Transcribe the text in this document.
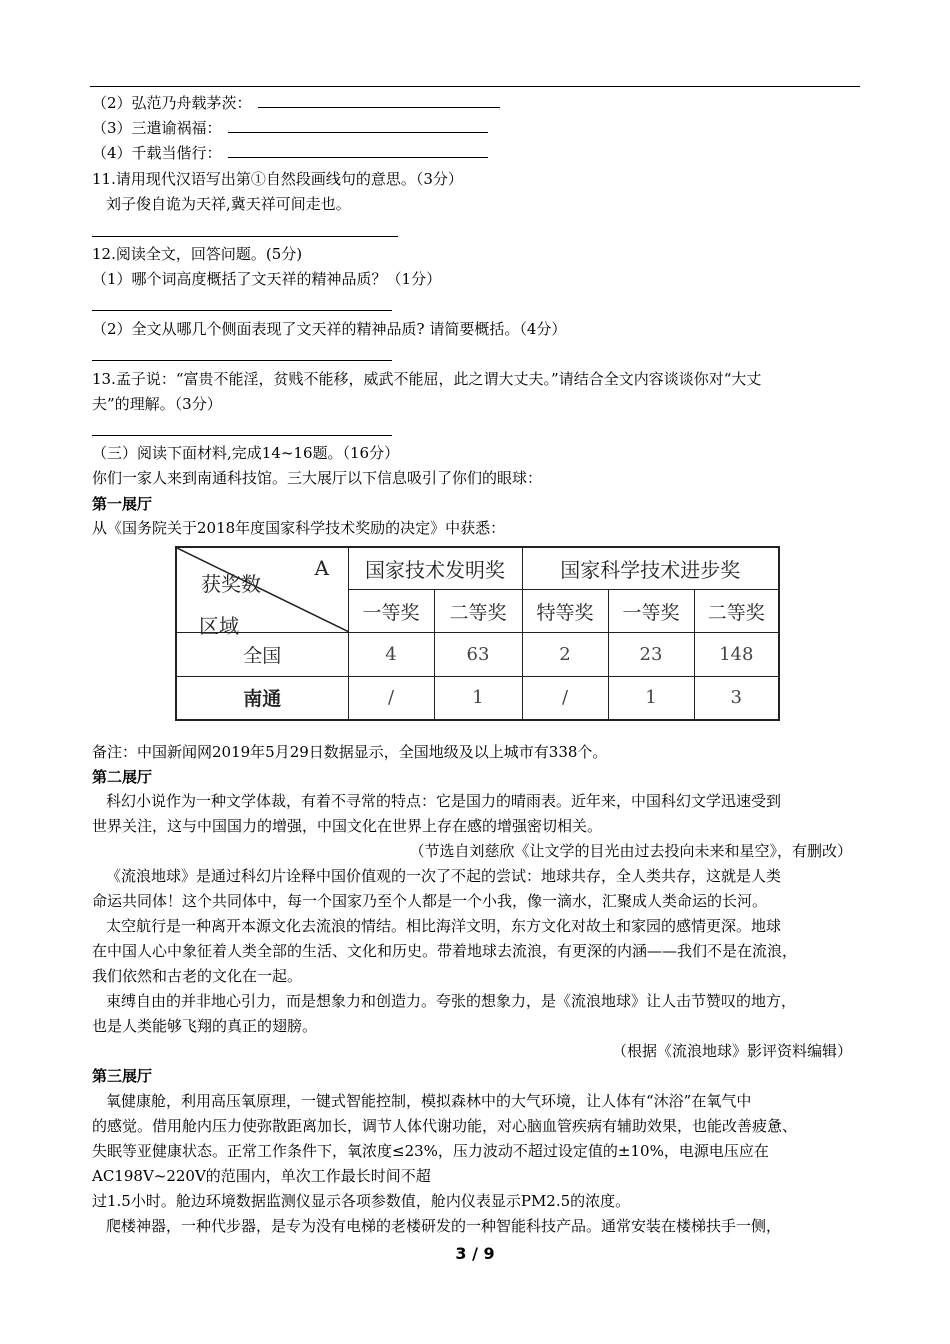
（2）弘范乃舟载茅茨：
（3）三遣谕祸福：
（4）千载当偕行：
11.请用现代汉语写出第①自然段画线句的意思。（3分）
刘子俊自诡为天祥,冀天祥可间走也。
12.阅读全文，回答问题。(5分)
（1）哪个词高度概括了文天祥的精神品质？（1分）
（2）全文从哪几个侧面表现了文天祥的精神品质? 请简要概括。（4分）
13.孟子说：“富贵不能淫，贫贱不能移，威武不能屈，此之谓大丈夫。”请结合全文内容谈谈你对“大丈
夫”的理解。（3分）
（三）阅读下面材料,完成14~16题。（16分）
你们一家人来到南通科技馆。三大展厅以下信息吸引了你们的眼球：
第一展厅
从《国务院关于2018年度国家科学技术奖励的决定》中获悉：
A
获奖数
区域	国家技术发明奖		国家科学技术进步奖		
	一等奖	二等奖	特等奖	一等奖	二等奖
全国	4	63	2	23	148
南通	/	1	/	1	3
备注：中国新闻网2019年5月29日数据显示，全国地级及以上城市有338个。
第二展厅
科幻小说作为一种文学体裁，有着不寻常的特点：它是国力的晴雨表。近年来，中国科幻文学迅速受到
世界关注，这与中国国力的增强，中国文化在世界上存在感的增强密切相关。
（节选自刘慈欣《让文学的目光由过去投向未来和星空》，有删改）
《流浪地球》是通过科幻片诠释中国价值观的一次了不起的尝试：地球共存，全人类共存，这就是人类
命运共同体！这个共同体中，每一个国家乃至个人都是一个小我，像一滴水，汇聚成人类命运的长河。
太空航行是一种离开本源文化去流浪的情结。相比海洋文明，东方文化对故土和家园的感情更深。地球
在中国人心中象征着人类全部的生活、文化和历史。带着地球去流浪，有更深的内涵——我们不是在流浪，
我们依然和古老的文化在一起。
束缚自由的并非地心引力，而是想象力和创造力。夸张的想象力，是《流浪地球》让人击节赞叹的地方，
也是人类能够飞翔的真正的翅膀。
（根据《流浪地球》影评资料编辑）
第三展厅
氧健康舱，利用高压氧原理，一键式智能控制，模拟森林中的大气环境，让人体有“沐浴”在氧气中
的感觉。借用舱内压力使弥散距离加长，调节人体代谢功能，对心脑血管疾病有辅助效果，也能改善疲惫、
失眠等亚健康状态。正常工作条件下，氧浓度≤23%，压力波动不超过设定值的±10%，电源电压应在
AC198V~220V的范围内，单次工作最长时间不超
过1.5小时。舱边环境数据监测仪显示各项参数值，舱内仪表显示PM2.5的浓度。
爬楼神器，一种代步器，是专为没有电梯的老楼研发的一种智能科技产品。通常安装在楼梯扶手一侧，
3 / 9
